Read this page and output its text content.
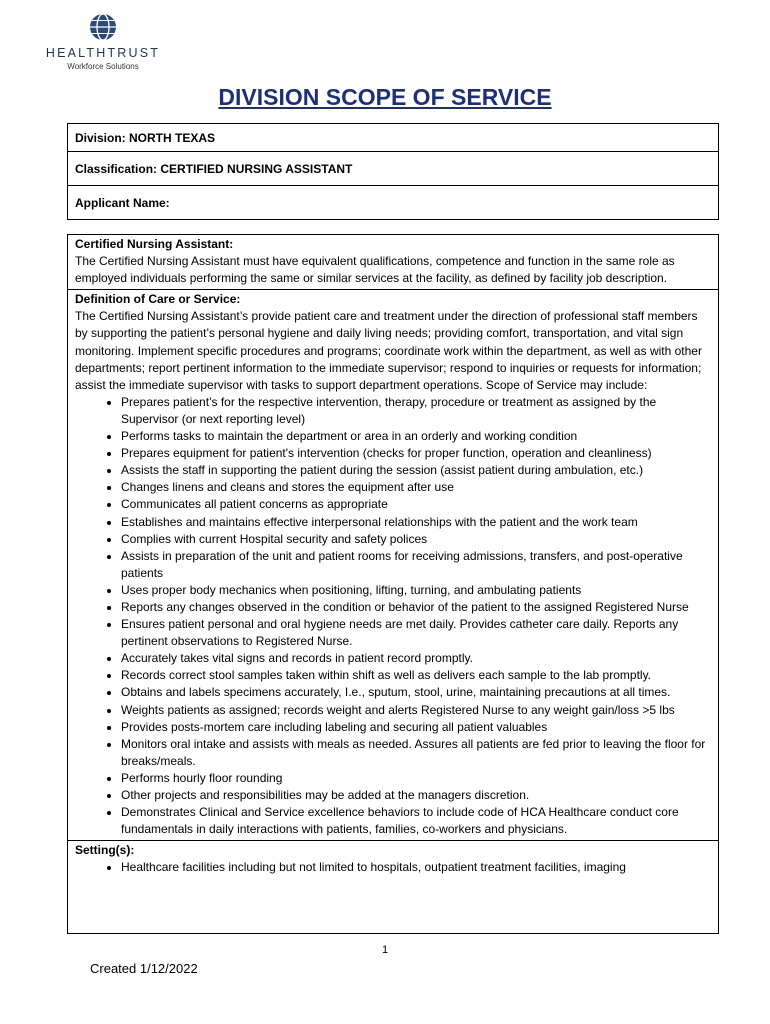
HEALTHTRUST
Workforce Solutions
DIVISION SCOPE OF SERVICE
Division: NORTH TEXAS
Classification: CERTIFIED NURSING ASSISTANT
Applicant Name:
Certified Nursing Assistant:

The Certified Nursing Assistant must have equivalent qualifications, competence and function in the same role as employed individuals performing the same or similar services at the facility, as defined by facility job description.

Definition of Care or Service:

The Certified Nursing Assistant’s provide patient care and treatment under the direction of professional staff members by supporting the patient’s personal hygiene and daily living needs; providing comfort, transportation, and vital sign monitoring. Implement specific procedures and programs; coordinate work within the department, as well as with other departments; report pertinent information to the immediate supervisor; respond to inquiries or requests for information; assist the immediate supervisor with tasks to support department operations. Scope of Service may include:

• Prepares patient’s for the respective intervention, therapy, procedure or treatment as assigned by the Supervisor (or next reporting level)
• Performs tasks to maintain the department or area in an orderly and working condition
• Prepares equipment for patient's intervention (checks for proper function, operation and cleanliness)
• Assists the staff in supporting the patient during the session (assist patient during ambulation, etc.)
• Changes linens and cleans and stores the equipment after use
• Communicates all patient concerns as appropriate
• Establishes and maintains effective interpersonal relationships with the patient and the work team
• Complies with current Hospital security and safety polices
• Assists in preparation of the unit and patient rooms for receiving admissions, transfers, and post-operative patients
• Uses proper body mechanics when positioning, lifting, turning, and ambulating patients
• Reports any changes observed in the condition or behavior of the patient to the assigned Registered Nurse
• Ensures patient personal and oral hygiene needs are met daily. Provides catheter care daily. Reports any pertinent observations to Registered Nurse.
• Accurately takes vital signs and records in patient record promptly.
• Records correct stool samples taken within shift as well as delivers each sample to the lab promptly.
• Obtains and labels specimens accurately, I.e., sputum, stool, urine, maintaining precautions at all times.
• Weights patients as assigned; records weight and alerts Registered Nurse to any weight gain/loss >5 lbs
• Provides posts-mortem care including labeling and securing all patient valuables
• Monitors oral intake and assists with meals as needed. Assures all patients are fed prior to leaving the floor for breaks/meals.
• Performs hourly floor rounding
• Other projects and responsibilities may be added at the managers discretion.
• Demonstrates Clinical and Service excellence behaviors to include code of HCA Healthcare conduct core fundamentals in daily interactions with patients, families, co-workers and physicians.
Setting(s):
• Healthcare facilities including but not limited to hospitals, outpatient treatment facilities, imaging
1
Created 1/12/2022
